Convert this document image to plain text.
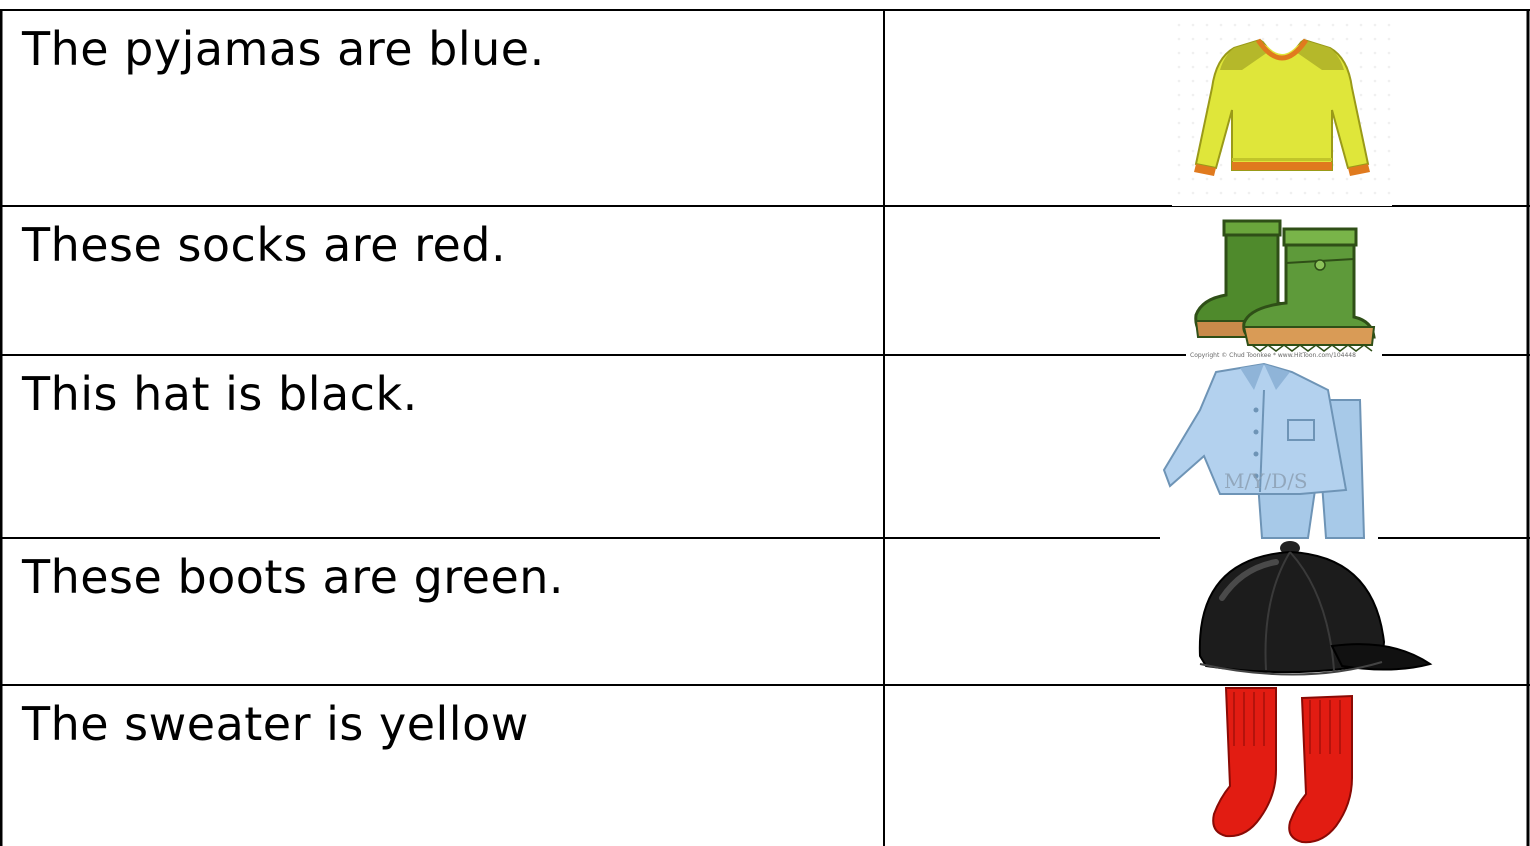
The pyjamas are blue.
These socks are red.
This hat is black.
These boots are green.
The sweater is yellow
Copyright © Chud Toonkee * www.HitToon.com/104448
M/Y/D/S
